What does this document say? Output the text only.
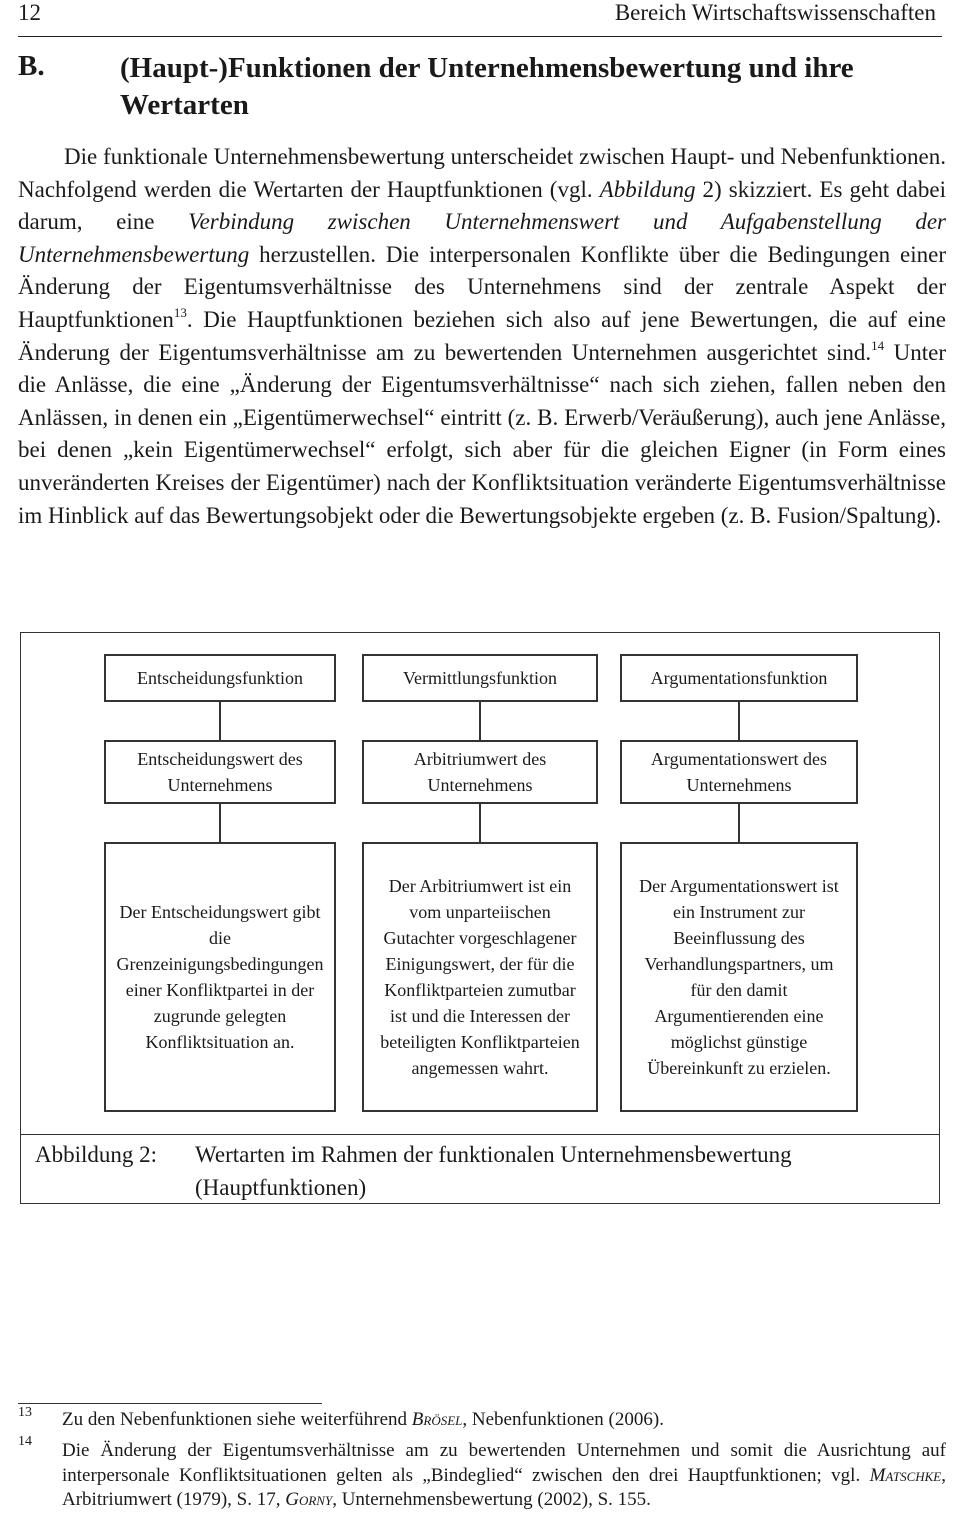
12	Bereich Wirtschaftswissenschaften
B.	(Haupt-)Funktionen der Unternehmensbewertung und ihre Wertarten

Die funktionale Unternehmensbewertung unterscheidet zwischen Haupt- und Nebenfunktionen. Nachfolgend werden die Wertarten der Hauptfunktionen (vgl. Abbildung 2) skizziert. Es geht dabei darum, eine Verbindung zwischen Unternehmenswert und Aufgabenstellung der Unternehmensbewertung herzustellen. Die interpersonalen Konflikte über die Bedingungen einer Änderung der Eigentumsverhältnisse des Unternehmens sind der zentrale Aspekt der Hauptfunktionen$^{13}$. Die Hauptfunktionen beziehen sich also auf jene Bewertungen, die auf eine Änderung der Eigentumsverhältnisse am zu bewertenden Unternehmen ausgerichtet sind.$^{14}$ Unter die Anlässe, die eine „Änderung der Eigentumsverhältnisse“ nach sich ziehen, fallen neben den Anlässen, in denen ein „Eigentümerwechsel“ eintritt (z. B. Erwerb/Veräußerung), auch jene Anlässe, bei denen „kein Eigentümerwechsel“ erfolgt, sich aber für die gleichen Eigner (in Form eines unveränderten Kreises der Eigentümer) nach der Konfliktsituation veränderte Eigentumsverhältnisse im Hinblick auf das Bewertungsobjekt oder die Bewertungsobjekte ergeben (z. B. Fusion/Spaltung).

Entscheidungsfunktion
Entscheidungswert des Unternehmens
Der Entscheidungswert gibt die Grenzeinigungsbedingungen einer Konfliktpartei in der zugrunde gelegten Konfliktsituation an.
Vermittlungsfunktion
Arbitriumwert des Unternehmens
Der Arbitriumwert ist ein vom unparteiischen Gutachter vorgeschlagener Einigungswert, der für die Konfliktparteien zumutbar ist und die Interessen der beteiligten Konfliktparteien angemessen wahrt.
Argumentationsfunktion
Argumentationswert des Unternehmens
Der Argumentationswert ist ein Instrument zur Beeinflussung des Verhandlungspartners, um für den damit Argumentierenden eine möglichst günstige Übereinkunft zu erzielen.
Abbildung 2: Wertarten im Rahmen der funktionalen Unternehmensbewertung (Hauptfunktionen)
13 Zu den Nebenfunktionen siehe weiterführend Brösel, Nebenfunktionen (2006).
14 Die Änderung der Eigentumsverhältnisse am zu bewertenden Unternehmen und somit die Ausrichtung auf interpersonale Konfliktsituationen gelten als „Bindeglied“ zwischen den drei Hauptfunktionen; vgl. Matschke, Arbitriumwert (1979), S. 17, Gorny, Unternehmensbewertung (2002), S. 155.
